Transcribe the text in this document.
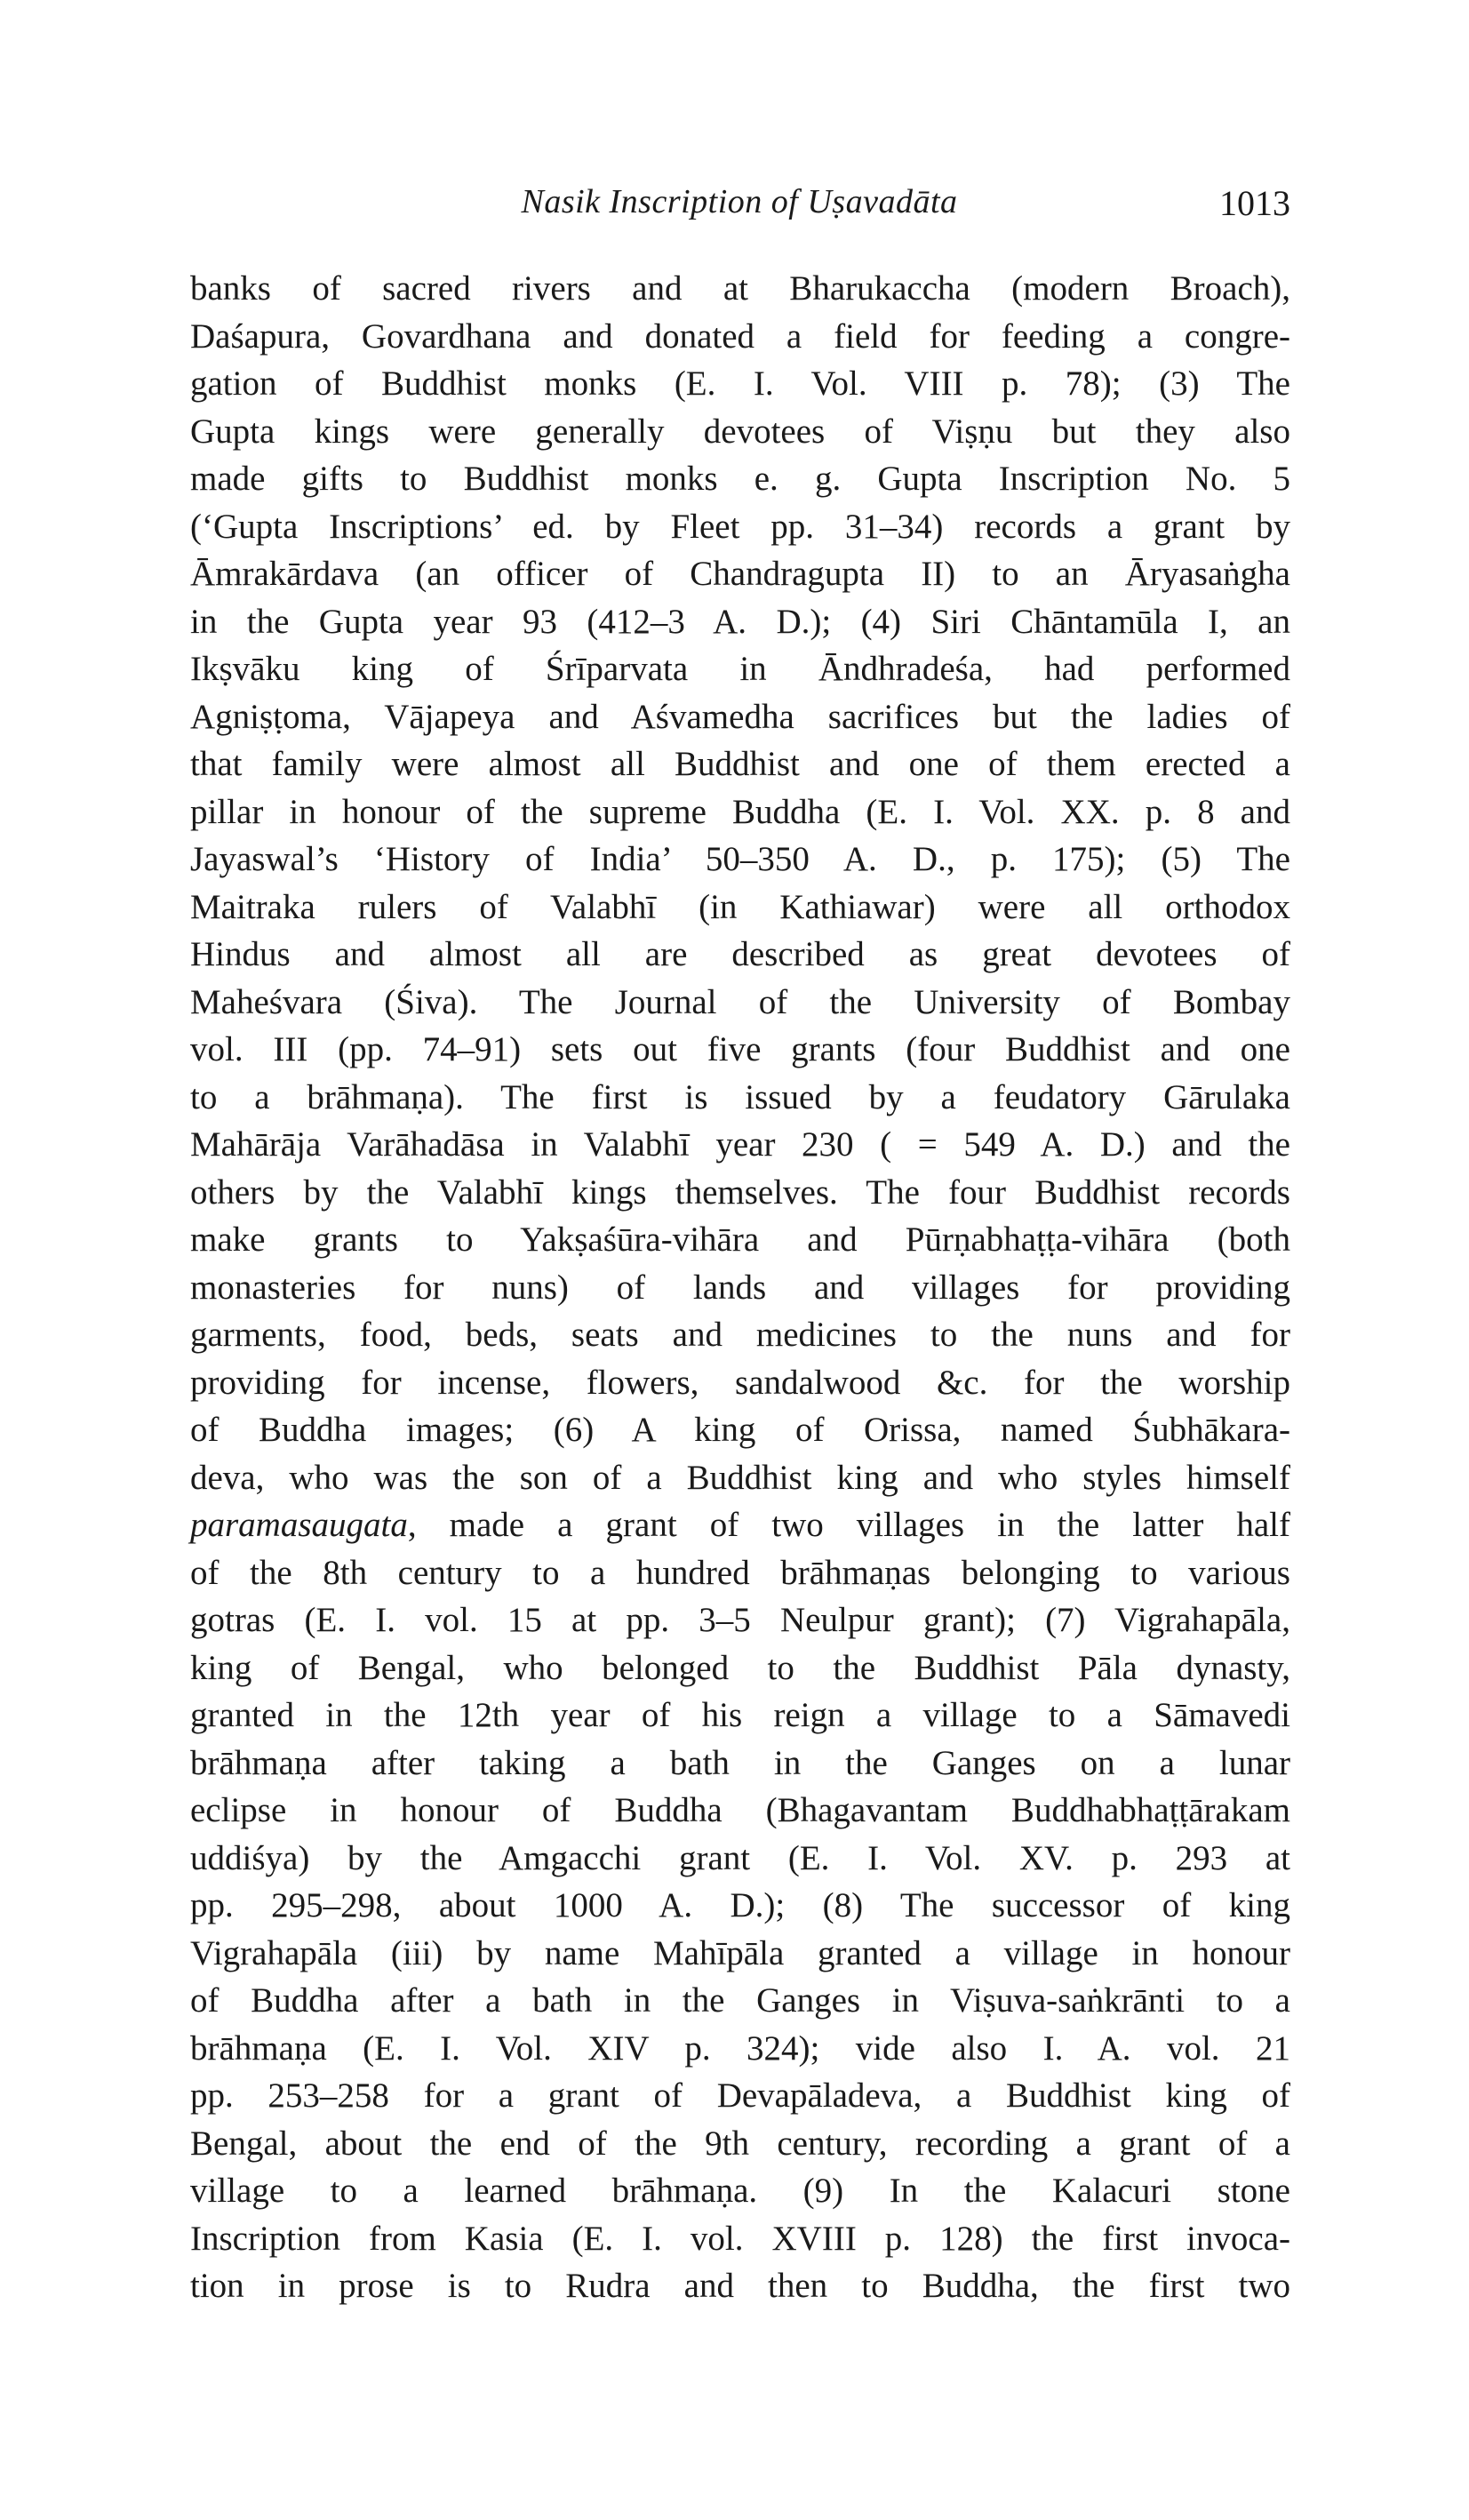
Nasik Inscription of Uṣavadāta	1013
banks of sacred rivers and at Bharukaccha (modern Broach),
Daśapura, Govardhana and donated a field for feeding a congre-
gation of Buddhist monks (E. I. Vol. VIII p. 78); (3) The
Gupta kings were generally devotees of Viṣṇu but they also
made gifts to Buddhist monks e. g. Gupta Inscription No. 5
(‘Gupta Inscriptions’ ed. by Fleet pp. 31–34) records a grant by
Āmrakārdava (an officer of Chandragupta II) to an Āryasaṅgha
in the Gupta year 93 (412–3 A. D.); (4) Siri Chāntamūla I, an
Ikṣvāku king of Śrīparvata in Āndhradeśa, had performed
Agniṣṭoma, Vājapeya and Aśvamedha sacrifices but the ladies of
that family were almost all Buddhist and one of them erected a
pillar in honour of the supreme Buddha (E. I. Vol. XX. p. 8 and
Jayaswal’s ‘History of India’ 50–350 A. D., p. 175); (5) The
Maitraka rulers of Valabhī (in Kathiawar) were all orthodox
Hindus and almost all are described as great devotees of
Maheśvara (Śiva). The Journal of the University of Bombay
vol. III (pp. 74–91) sets out five grants (four Buddhist and one
to a brāhmaṇa). The first is issued by a feudatory Gārulaka
Mahārāja Varāhadāsa in Valabhī year 230 ( = 549 A. D.) and the
others by the Valabhī kings themselves. The four Buddhist records
make grants to Yakṣaśūra-vihāra and Pūrṇabhaṭṭa-vihāra (both
monasteries for nuns) of lands and villages for providing
garments, food, beds, seats and medicines to the nuns and for
providing for incense, flowers, sandalwood &c. for the worship
of Buddha images; (6) A king of Orissa, named Śubhākara-
deva, who was the son of a Buddhist king and who styles himself
paramasaugata, made a grant of two villages in the latter half
of the 8th century to a hundred brāhmaṇas belonging to various
gotras (E. I. vol. 15 at pp. 3–5 Neulpur grant); (7) Vigrahapāla,
king of Bengal, who belonged to the Buddhist Pāla dynasty,
granted in the 12th year of his reign a village to a Sāmavedi
brāhmaṇa after taking a bath in the Ganges on a lunar
eclipse in honour of Buddha (Bhagavantam Buddhabhaṭṭārakam
uddiśya) by the Amgacchi grant (E. I. Vol. XV. p. 293 at
pp. 295–298, about 1000 A. D.); (8) The successor of king
Vigrahapāla (iii) by name Mahīpāla granted a village in honour
of Buddha after a bath in the Ganges in Viṣuva-saṅkrānti to a
brāhmaṇa (E. I. Vol. XIV p. 324); vide also I. A. vol. 21
pp. 253–258 for a grant of Devapāladeva, a Buddhist king of
Bengal, about the end of the 9th century, recording a grant of a
village to a learned brāhmaṇa. (9) In the Kalacuri stone
Inscription from Kasia (E. I. vol. XVIII p. 128) the first invoca-
tion in prose is to Rudra and then to Buddha, the first two
